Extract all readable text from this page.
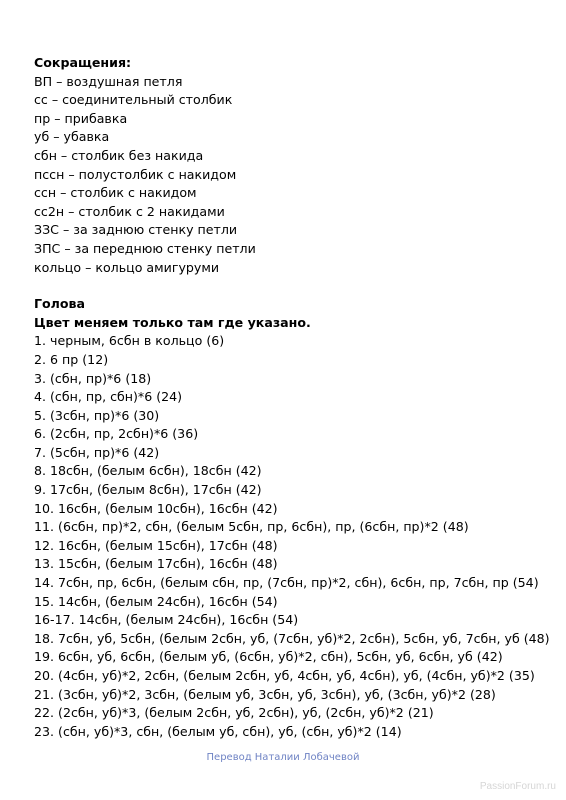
Сокращения:
ВП – воздушная петля
сс – соединительный столбик
пр – прибавка
уб – убавка
сбн – столбик без накида
пссн – полустолбик с накидом
ссн – столбик с накидом
сс2н – столбик с 2 накидами
ЗЗС – за заднюю стенку петли
ЗПС – за переднюю стенку петли
кольцо – кольцо амигуруми
Голова
Цвет меняем только там где указано.
1. черным, 6сбн в кольцо (6)
2. 6 пр (12)
3. (сбн, пр)*6 (18)
4. (сбн, пр, сбн)*6 (24)
5. (3сбн, пр)*6 (30)
6. (2сбн, пр, 2сбн)*6 (36)
7. (5сбн, пр)*6 (42)
8. 18сбн, (белым 6сбн), 18сбн (42)
9. 17сбн, (белым 8сбн), 17сбн (42)
10. 16сбн, (белым 10сбн), 16сбн (42)
11. (6сбн, пр)*2, сбн, (белым 5сбн, пр, 6сбн), пр, (6сбн, пр)*2 (48)
12. 16сбн, (белым 15сбн), 17сбн (48)
13. 15сбн, (белым 17сбн), 16сбн (48)
14. 7сбн, пр, 6сбн, (белым сбн, пр, (7сбн, пр)*2, сбн), 6сбн, пр, 7сбн, пр (54)
15. 14сбн, (белым 24сбн), 16сбн (54)
16-17. 14сбн, (белым 24сбн), 16сбн (54)
18. 7сбн, уб, 5сбн, (белым 2сбн, уб, (7сбн, уб)*2, 2сбн), 5сбн, уб, 7сбн, уб (48)
19. 6сбн, уб, 6сбн, (белым уб, (6сбн, уб)*2, сбн), 5сбн, уб, 6сбн, уб (42)
20. (4сбн, уб)*2, 2сбн, (белым 2сбн, уб, 4сбн, уб, 4сбн), уб, (4сбн, уб)*2 (35)
21. (3сбн, уб)*2, 3сбн, (белым уб, 3сбн, уб, 3сбн), уб, (3сбн, уб)*2 (28)
22. (2сбн, уб)*3, (белым 2сбн, уб, 2сбн), уб, (2сбн, уб)*2 (21)
23. (сбн, уб)*3, сбн, (белым уб, сбн), уб, (сбн, уб)*2 (14)
Перевод Наталии Лобачевой
PassionForum.ru
